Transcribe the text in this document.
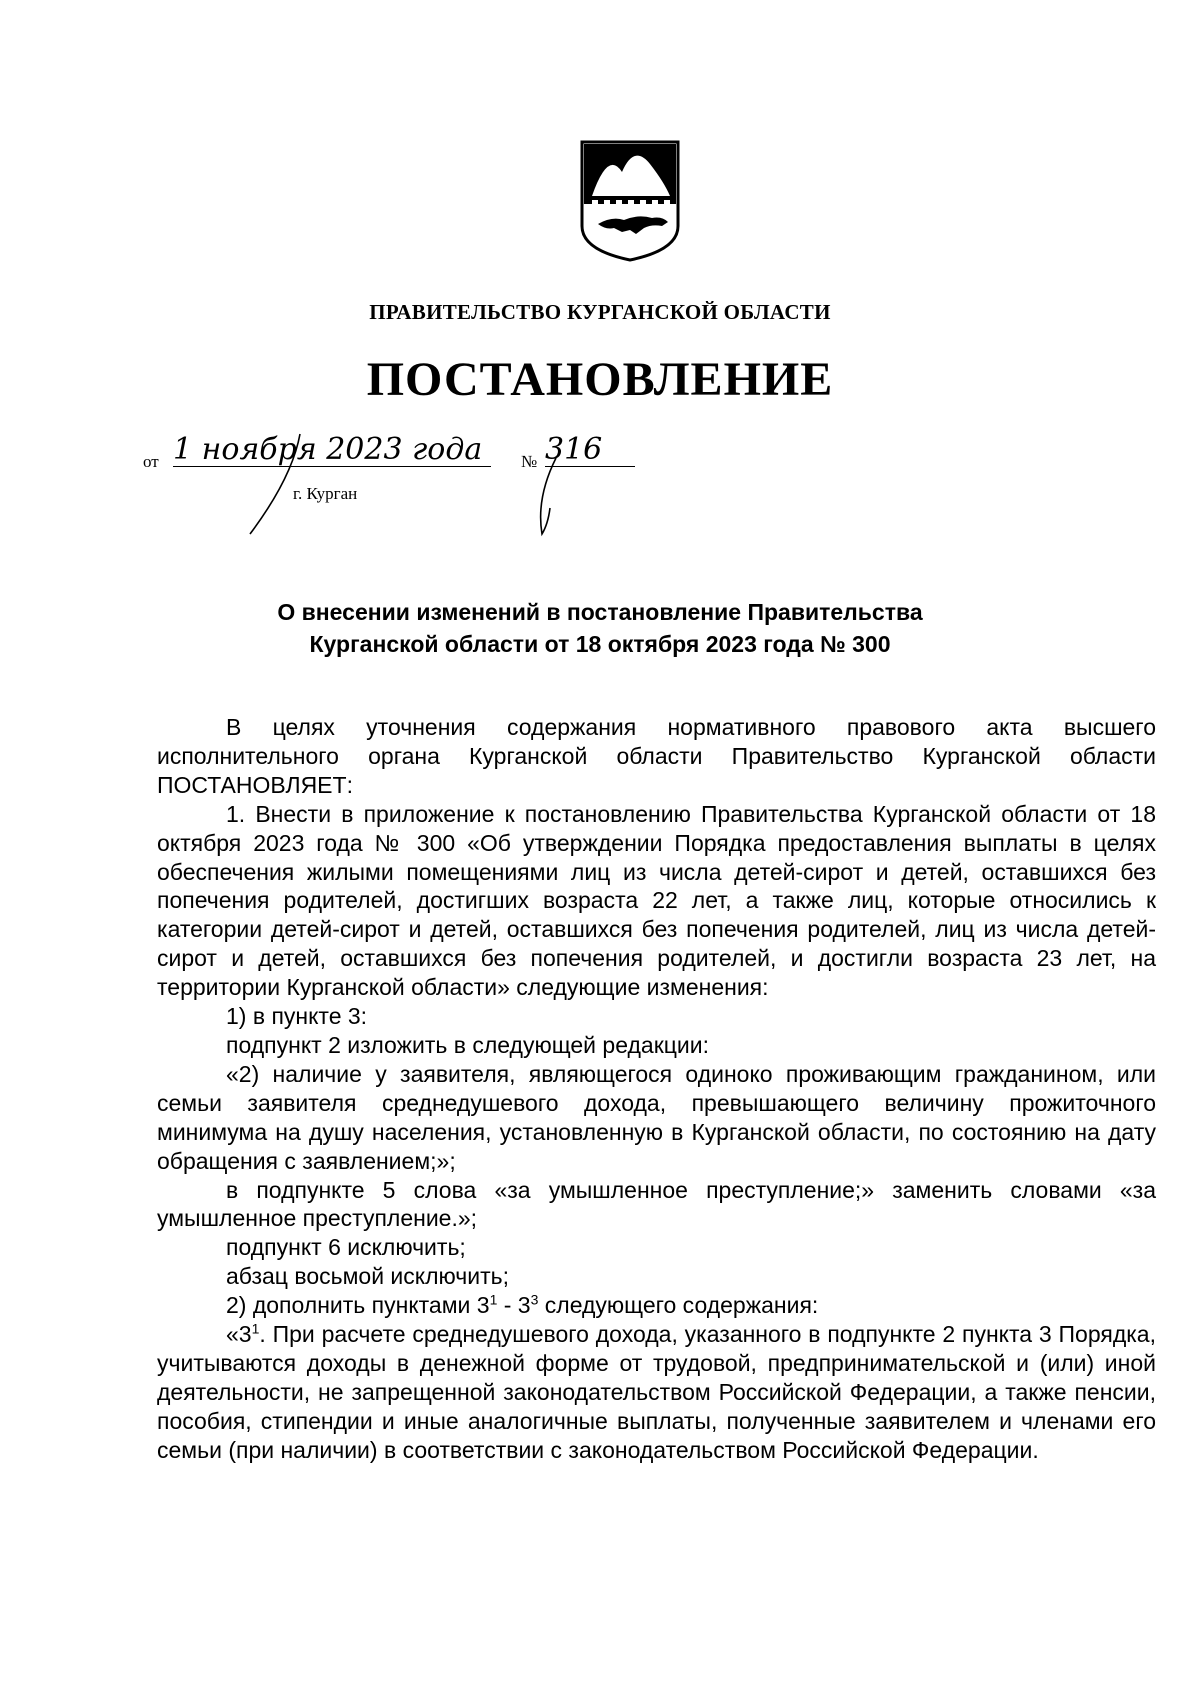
ПРАВИТЕЛЬСТВО КУРГАНСКОЙ ОБЛАСТИ
ПОСТАНОВЛЕНИЕ
от 1 ноября 2023 года	№ 316
г. Курган
О внесении изменений в постановление Правительства
Курганской области от 18 октября 2023 года № 300

В целях уточнения содержания нормативного правового акта высшего исполнительного органа Курганской области Правительство Курганской области ПОСТАНОВЛЯЕТ:

1. Внести в приложение к постановлению Правительства Курганской области от 18 октября 2023 года № 300 «Об утверждении Порядка предоставления выплаты в целях обеспечения жилыми помещениями лиц из числа детей-сирот и детей, оставшихся без попечения родителей, достигших возраста 22 лет, а также лиц, которые относились к категории детей-сирот и детей, оставшихся без попечения родителей, лиц из числа детей-сирот и детей, оставшихся без попечения родителей, и достигли возраста 23 лет, на территории Курганской области» следующие изменения:

1) в пункте 3:

подпункт 2 изложить в следующей редакции:

«2) наличие у заявителя, являющегося одиноко проживающим гражданином, или семьи заявителя среднедушевого дохода, превышающего величину прожиточного минимума на душу населения, установленную в Курганской области, по состоянию на дату обращения с заявлением;»;

в подпункте 5 слова «за умышленное преступление;» заменить словами «за умышленное преступление.»;

подпункт 6 исключить;

абзац восьмой исключить;

2) дополнить пунктами $3^1 - 3^3$ следующего содержания:

«$3^1$. При расчете среднедушевого дохода, указанного в подпункте 2 пункта 3 Порядка, учитываются доходы в денежной форме от трудовой, предпринимательской и (или) иной деятельности, не запрещенной законодательством Российской Федерации, а также пенсии, пособия, стипендии и иные аналогичные выплаты, полученные заявителем и членами его семьи (при наличии) в соответствии с законодательством Российской Федерации.
